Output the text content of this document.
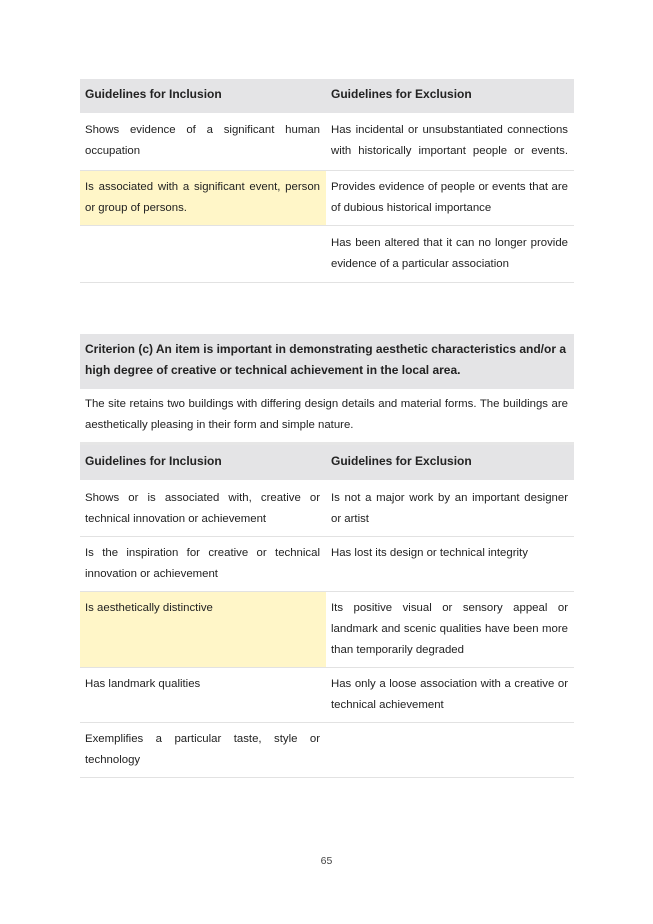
Guidelines for Inclusion	Guidelines for Exclusion
Shows evidence of a significant human occupation	Has incidental or unsubstantiated connections with historically important people or events.
Is associated with a significant event, person or group of persons.	Provides evidence of people or events that are of dubious historical importance
	Has been altered that it can no longer provide evidence of a particular association
Criterion (c) An item is important in demonstrating aesthetic characteristics and/or a high degree of creative or technical achievement in the local area.	
The site retains two buildings with differing design details and material forms. The buildings are aesthetically pleasing in their form and simple nature.	
Guidelines for Inclusion	Guidelines for Exclusion
Shows or is associated with, creative or technical innovation or achievement	Is not a major work by an important designer or artist
Is the inspiration for creative or technical innovation or achievement	Has lost its design or technical integrity
Is aesthetically distinctive	Its positive visual or sensory appeal or landmark and scenic qualities have been more than temporarily degraded
Has landmark qualities	Has only a loose association with a creative or technical achievement
Exemplifies a particular taste, style or technology	
65
